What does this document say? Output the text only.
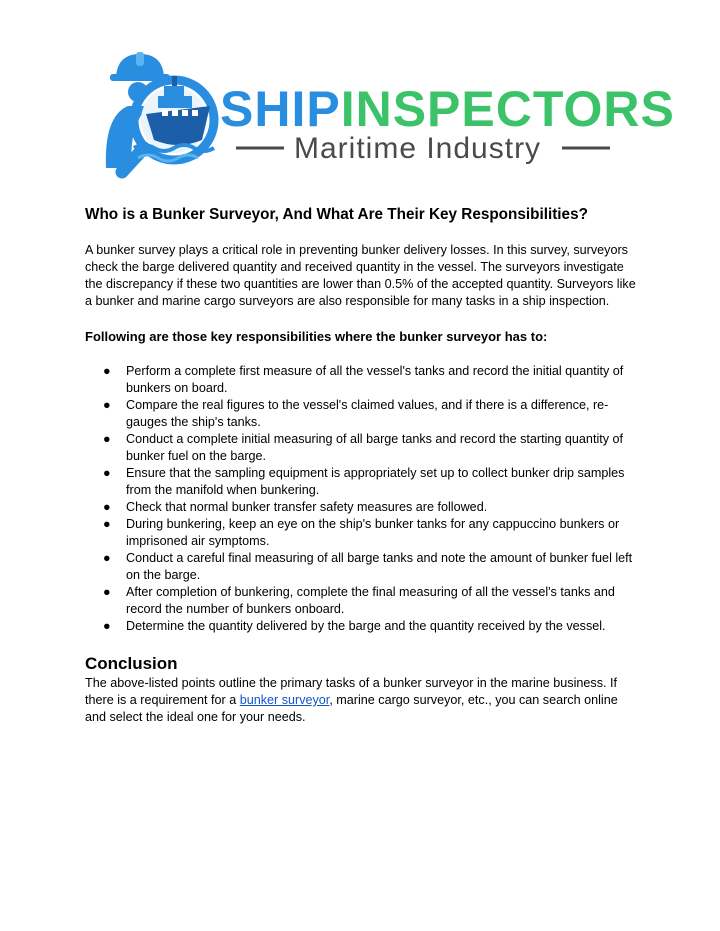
SHIPINSPECTORS
Maritime Industry
Who is a Bunker Surveyor, And What Are Their Key Responsibilities?

A bunker survey plays a critical role in preventing bunker delivery losses. In this survey, surveyors check the barge delivered quantity and received quantity in the vessel. The surveyors investigate the discrepancy if these two quantities are lower than 0.5% of the accepted quantity. Surveyors like a bunker and marine cargo surveyors are also responsible for many tasks in a ship inspection.

Following are those key responsibilities where the bunker surveyor has to:

● Perform a complete first measure of all the vessel's tanks and record the initial quantity of bunkers on board.
● Compare the real figures to the vessel's claimed values, and if there is a difference, re-gauges the ship's tanks.
● Conduct a complete initial measuring of all barge tanks and record the starting quantity of bunker fuel on the barge.
● Ensure that the sampling equipment is appropriately set up to collect bunker drip samples from the manifold when bunkering.
● Check that normal bunker transfer safety measures are followed.
● During bunkering, keep an eye on the ship's bunker tanks for any cappuccino bunkers or imprisoned air symptoms.
● Conduct a careful final measuring of all barge tanks and note the amount of bunker fuel left on the barge.
● After completion of bunkering, complete the final measuring of all the vessel's tanks and record the number of bunkers onboard.
● Determine the quantity delivered by the barge and the quantity received by the vessel.
Conclusion

The above-listed points outline the primary tasks of a bunker surveyor in the marine business. If there is a requirement for a bunker surveyor, marine cargo surveyor, etc., you can search online and select the ideal one for your needs.
